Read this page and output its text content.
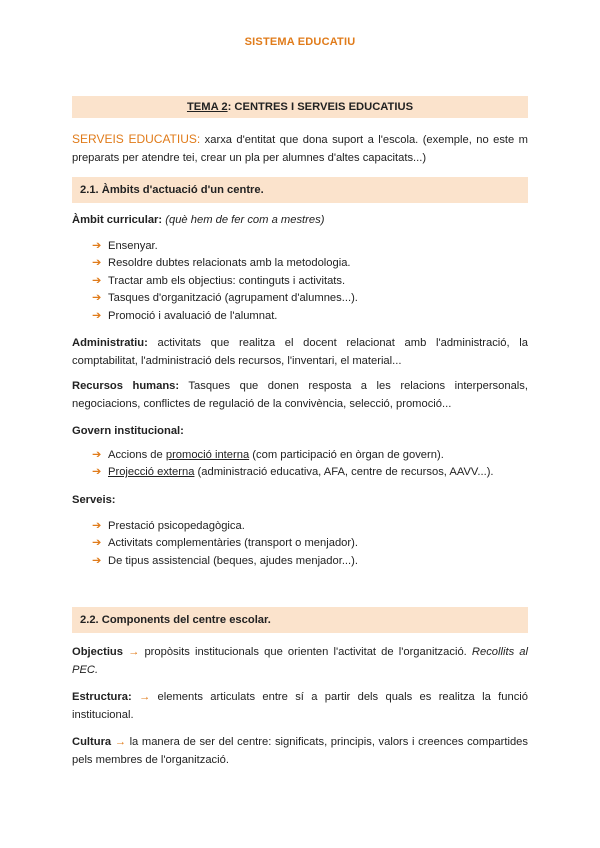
SISTEMA EDUCATIU
TEMA 2: CENTRES I SERVEIS EDUCATIUS
SERVEIS EDUCATIUS: xarxa d'entitat que dona suport a l'escola. (exemple, no este m preparats per atendre tei, crear un pla per alumnes d'altes capacitats...)
2.1. Àmbits d'actuació d'un centre.
Àmbit curricular: (què hem de fer com a mestres)
➔ Ensenyar.
➔ Resoldre dubtes relacionats amb la metodologia.
➔ Tractar amb els objectius: continguts i activitats.
➔ Tasques d'organització (agrupament d'alumnes...).
➔ Promoció i avaluació de l'alumnat.
Administratiu: activitats que realitza el docent relacionat amb l'administració, la comptabilitat, l'administració dels recursos, l'inventari, el material...
Recursos humans: Tasques que donen resposta a les relacions interpersonals, negociacions, conflictes de regulació de la convivència, selecció, promoció...
Govern institucional:
➔ Accions de promoció interna (com participació en òrgan de govern).
➔ Projecció externa (administració educativa, AFA, centre de recursos, AAVV...).
Serveis:
➔ Prestació psicopedagògica.
➔ Activitats complementàries (transport o menjador).
➔ De tipus assistencial (beques, ajudes menjador...).
2.2. Components del centre escolar.
Objectius → propòsits institucionals que orienten l'activitat de l'organització. Recollits al PEC.
Estructura: → elements articulats entre sí a partir dels quals es realitza la funció institucional.
Cultura → la manera de ser del centre: significats, principis, valors i creences compartides pels membres de l'organització.
